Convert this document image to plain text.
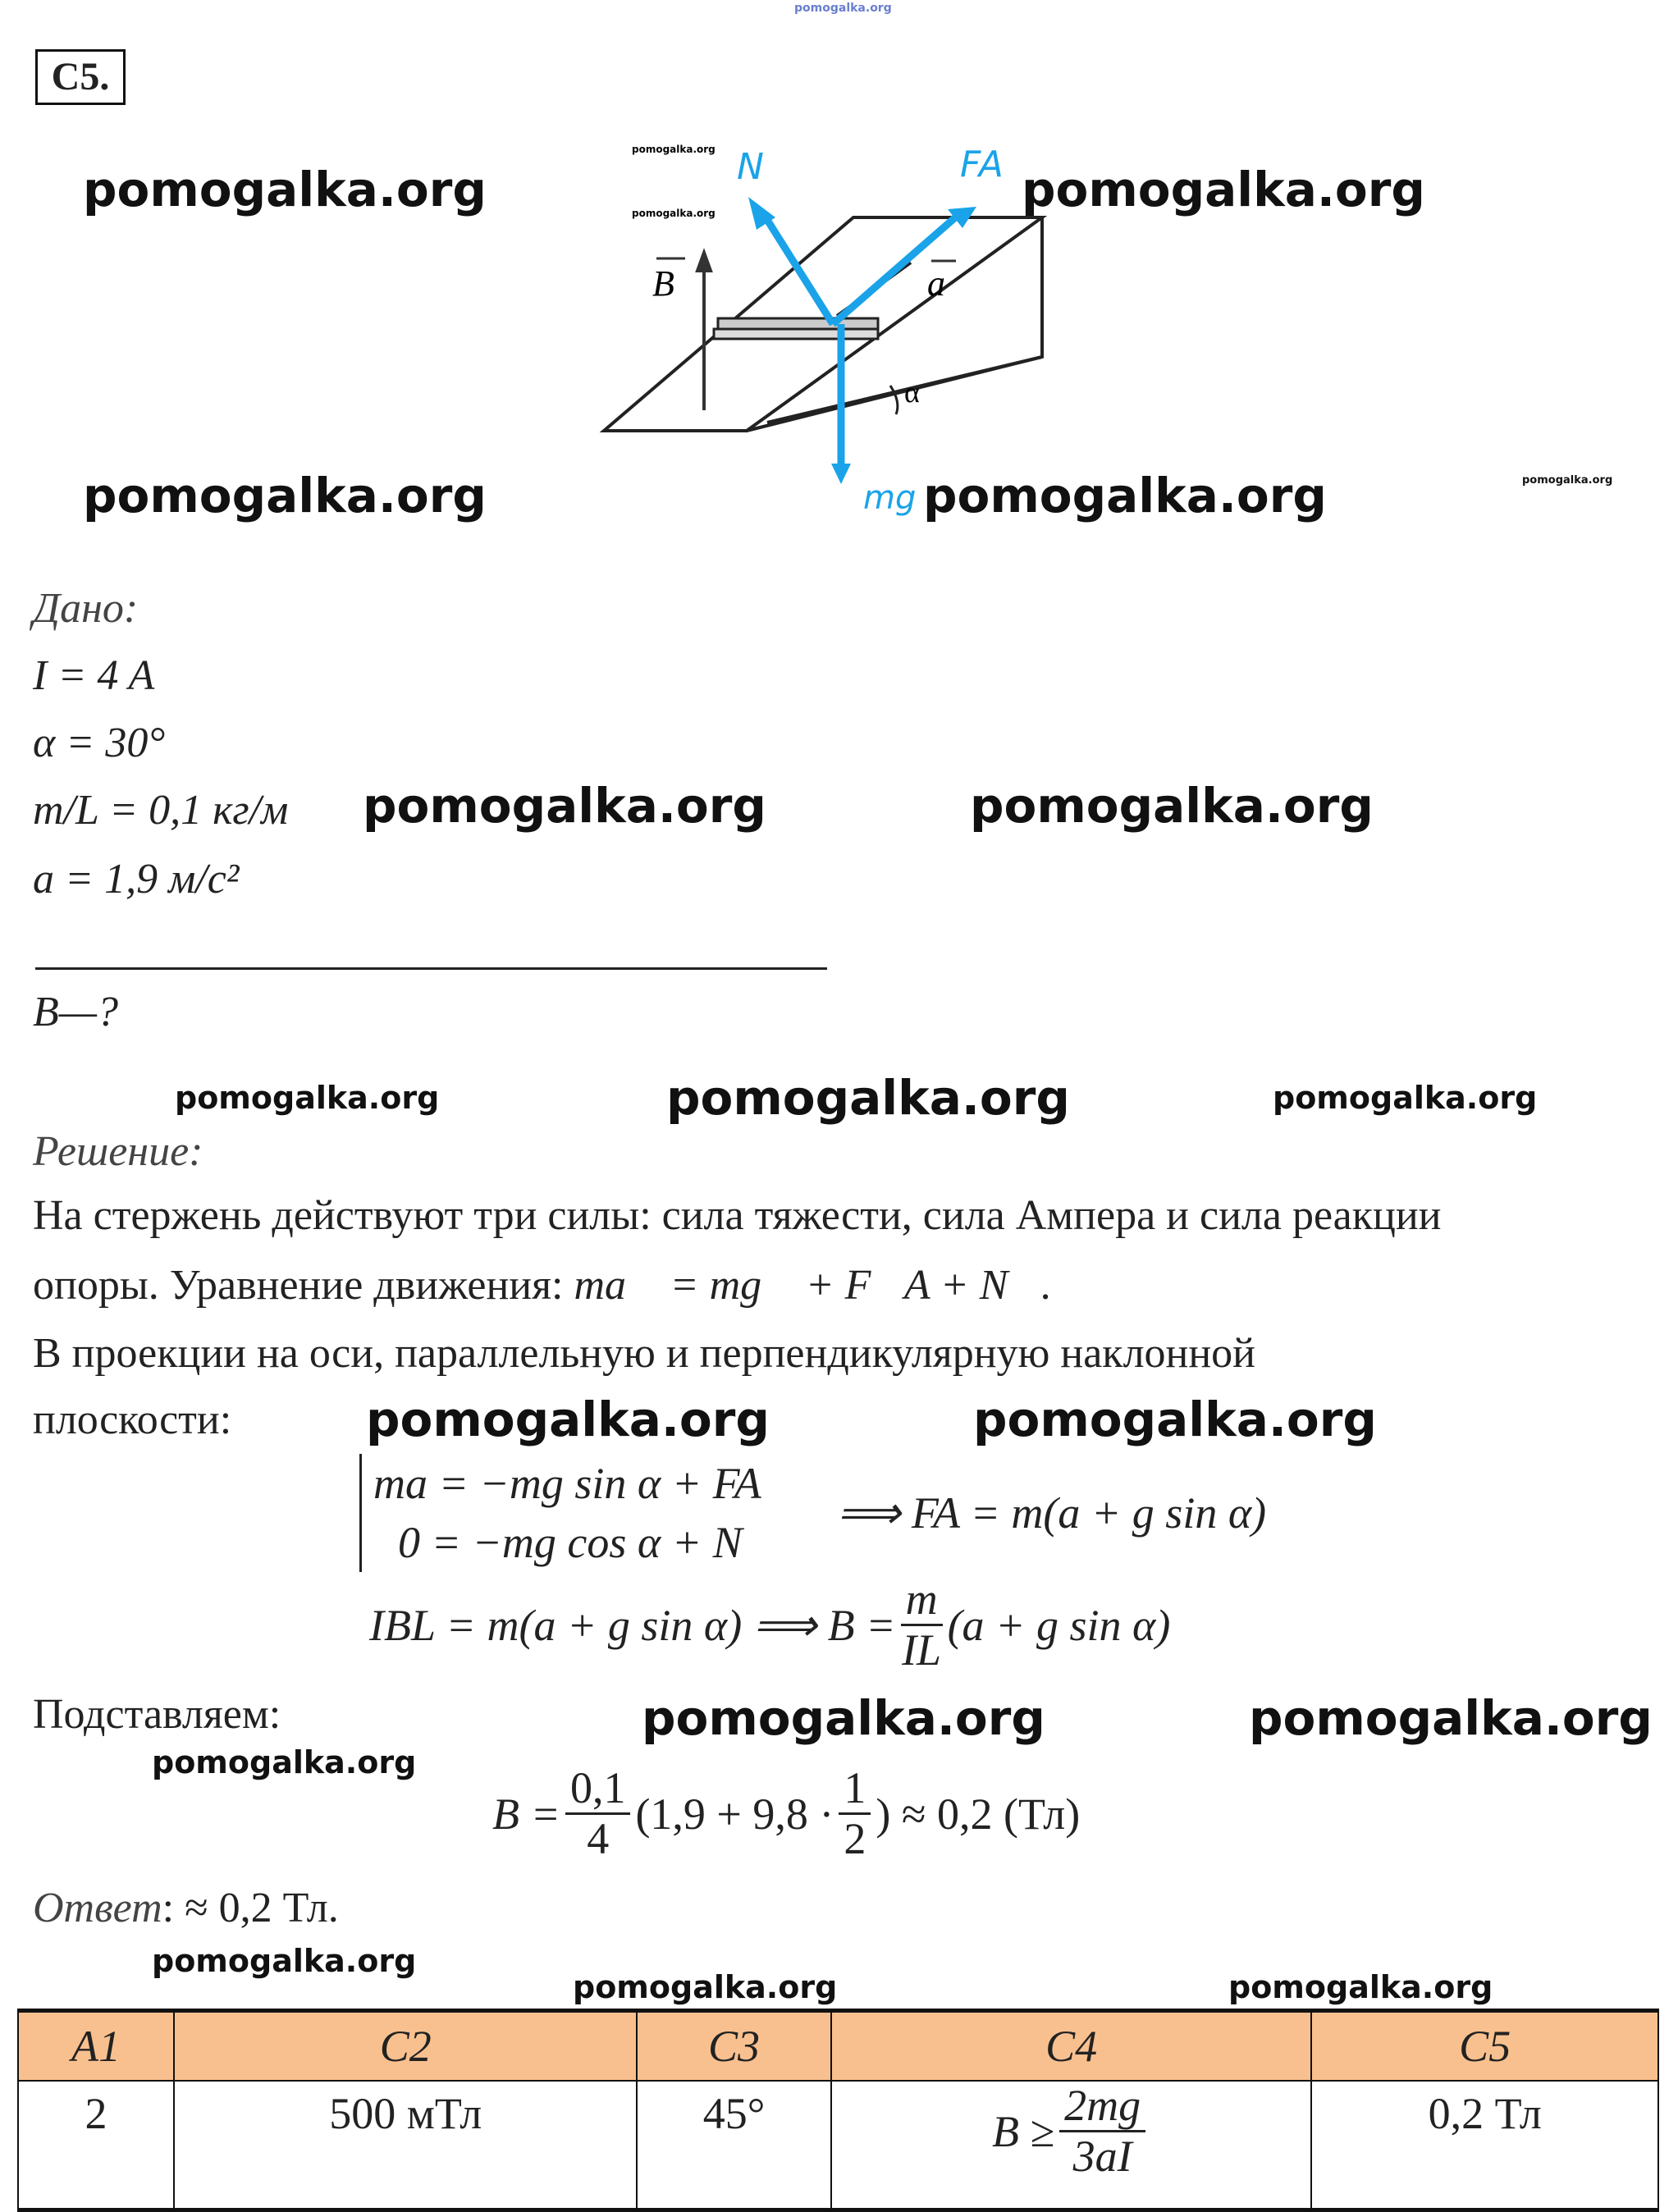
pomogalka.org
pomogalka.org	pomogalka.org
pomogalka.org	pomogalka.org	pomogalka.org
pomogalka.org	pomogalka.org
pomogalka.org	pomogalka.org	pomogalka.org
pomogalka.org	pomogalka.org
pomogalka.org	pomogalka.org
pomogalka.org
pomogalka.org
C5.
B	a
α
N	FA
mg
pomogalka.org
pomogalka.org
Дано:
I = 4 A
α = 30°
m/L = 0,1 кг/м
a = 1,9 м/с²
B—?
Решение:
На стержень действуют три силы: сила тяжести, сила Ампера и сила реакции
опоры. Уравнение движения: ma⃗ = mg⃗ + F⃗A + N⃗.
В проекции на оси, параллельную и перпендикулярную наклонной
плоскости:
ma = −mg sin α + FA
0 = −mg cos α + N
⟹ FA = m(a + g sin α)
IBL = m(a + g sin α) ⟹ $B = \frac{m}{IL} (a + g$ sin α)
Подставляем:
$B = \frac{0,1}{4} (1,9 + 9,8 \cdot \frac{1}{2}$ ) ≈ 0,2 (Тл)
Ответ: ≈ 0,2 Тл.
A1	C2	C3	C4	C5
2	500 мТл	45°	$B \ge \frac{2mg}{3aI}$	0,2 Тл
pomogalka.org	pomogalka.org
